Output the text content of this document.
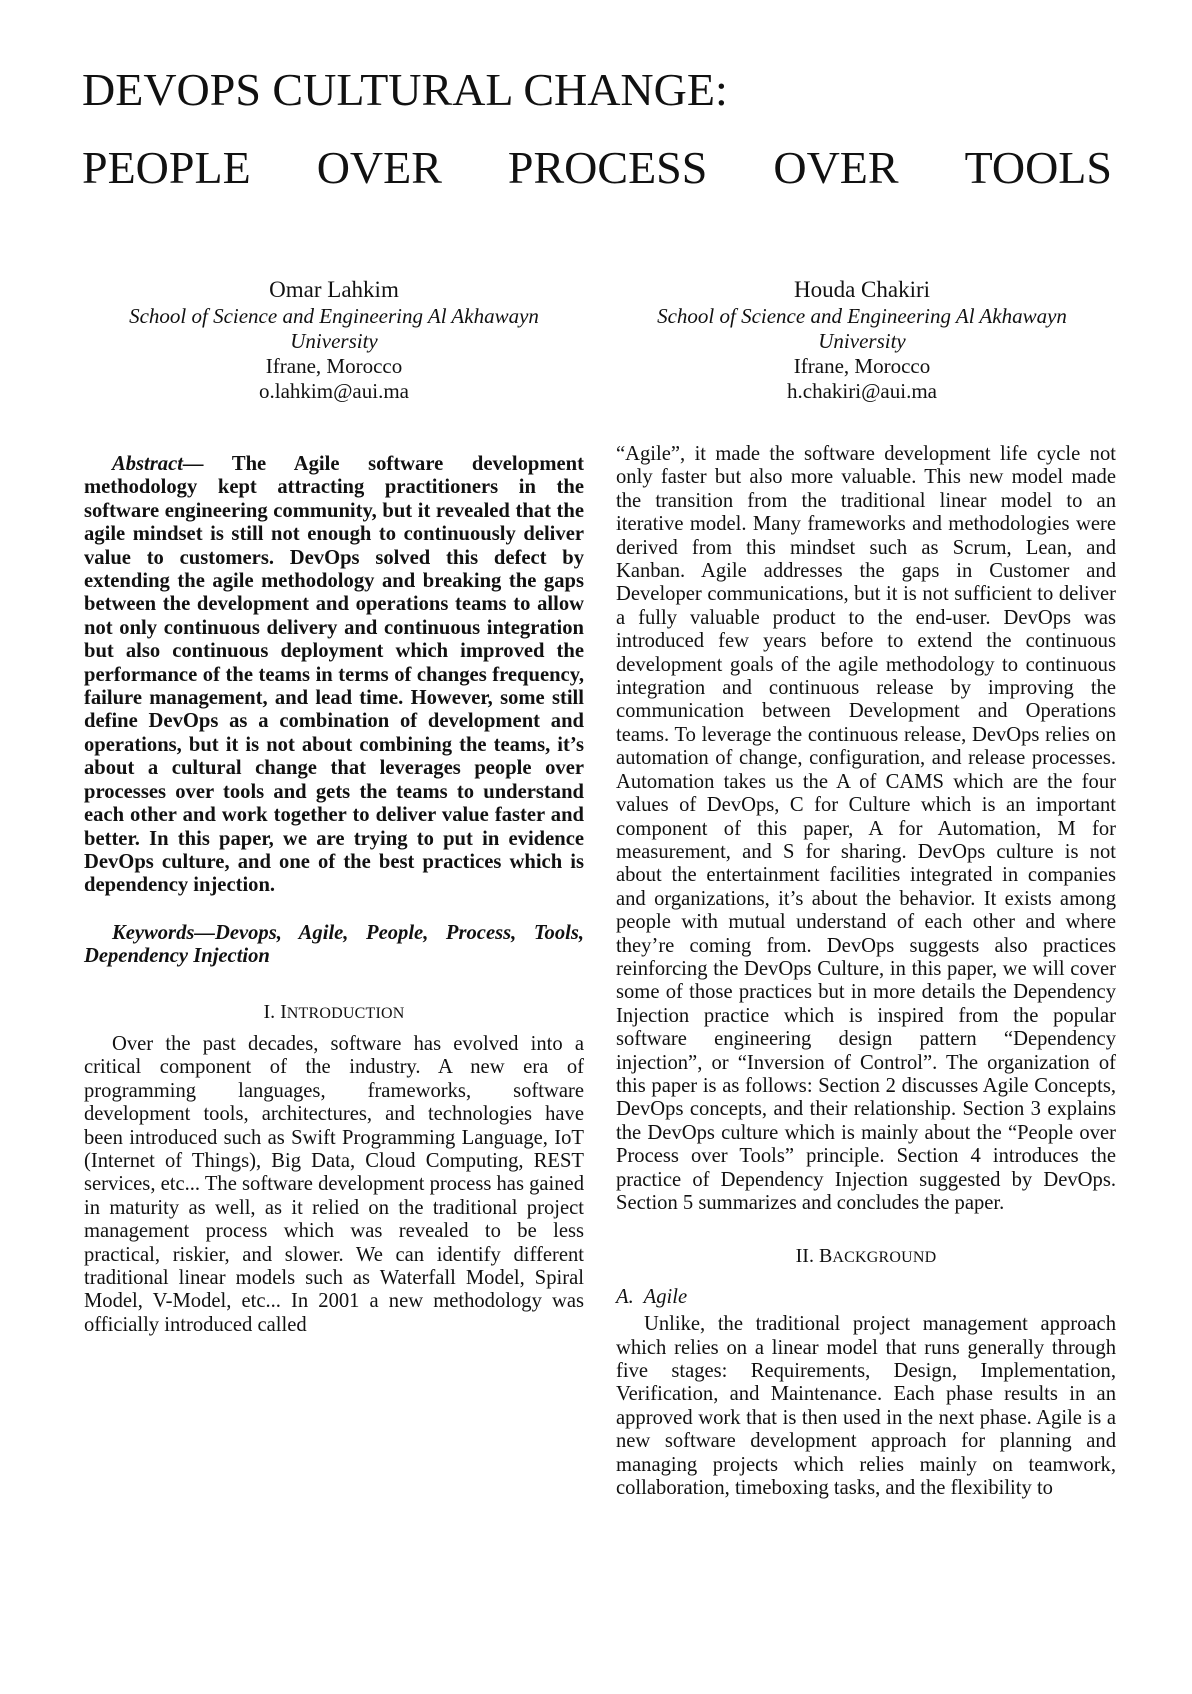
DEVOPS CULTURAL CHANGE:
PEOPLE OVER PROCESS OVER TOOLS
Omar Lahkim
School of Science and Engineering Al Akhawayn
University
Ifrane, Morocco
o.lahkim@aui.ma
Houda Chakiri
School of Science and Engineering Al Akhawayn
University
Ifrane, Morocco
h.chakiri@aui.ma

Abstract— The Agile software development methodology kept attracting practitioners in the software engineering community, but it revealed that the agile mindset is still not enough to continuously deliver value to customers. DevOps solved this defect by extending the agile methodology and breaking the gaps between the development and operations teams to allow not only continuous delivery and continuous integration but also continuous deployment which improved the performance of the teams in terms of changes frequency, failure management, and lead time. However, some still define DevOps as a combination of development and operations, but it is not about combining the teams, it’s about a cultural change that leverages people over processes over tools and gets the teams to understand each other and work together to deliver value faster and better. In this paper, we are trying to put in evidence DevOps culture, and one of the best practices which is dependency injection.

Keywords—Devops, Agile, People, Process, Tools, Dependency Injection

I. INTRODUCTION

Over the past decades, software has evolved into a critical component of the industry. A new era of programming languages, frameworks, software development tools, architectures, and technologies have been introduced such as Swift Programming Language, IoT (Internet of Things), Big Data, Cloud Computing, REST services, etc... The software development process has gained in maturity as well, as it relied on the traditional project management process which was revealed to be less practical, riskier, and slower. We can identify different traditional linear models such as Waterfall Model, Spiral Model, V-Model, etc... In 2001 a new methodology was officially introduced called

“Agile”, it made the software development life cycle not only faster but also more valuable. This new model made the transition from the traditional linear model to an iterative model. Many frameworks and methodologies were derived from this mindset such as Scrum, Lean, and Kanban. Agile addresses the gaps in Customer and Developer communications, but it is not sufficient to deliver a fully valuable product to the end-user. DevOps was introduced few years before to extend the continuous development goals of the agile methodology to continuous integration and continuous release by improving the communication between Development and Operations teams. To leverage the continuous release, DevOps relies on automation of change, configuration, and release processes. Automation takes us the A of CAMS which are the four values of DevOps, C for Culture which is an important component of this paper, A for Automation, M for measurement, and S for sharing. DevOps culture is not about the entertainment facilities integrated in companies and organizations, it’s about the behavior. It exists among people with mutual understand of each other and where they’re coming from. DevOps suggests also practices reinforcing the DevOps Culture, in this paper, we will cover some of those practices but in more details the Dependency Injection practice which is inspired from the popular software engineering design pattern “Dependency injection”, or “Inversion of Control”. The organization of this paper is as follows: Section 2 discusses Agile Concepts, DevOps concepts, and their relationship. Section 3 explains the DevOps culture which is mainly about the “People over Process over Tools” principle. Section 4 introduces the practice of Dependency Injection suggested by DevOps. Section 5 summarizes and concludes the paper.

II. BACKGROUND

A. Agile

Unlike, the traditional project management approach which relies on a linear model that runs generally through five stages: Requirements, Design, Implementation, Verification, and Maintenance. Each phase results in an approved work that is then used in the next phase. Agile is a new software development approach for planning and managing projects which relies mainly on teamwork, collaboration, timeboxing tasks, and the flexibility to
